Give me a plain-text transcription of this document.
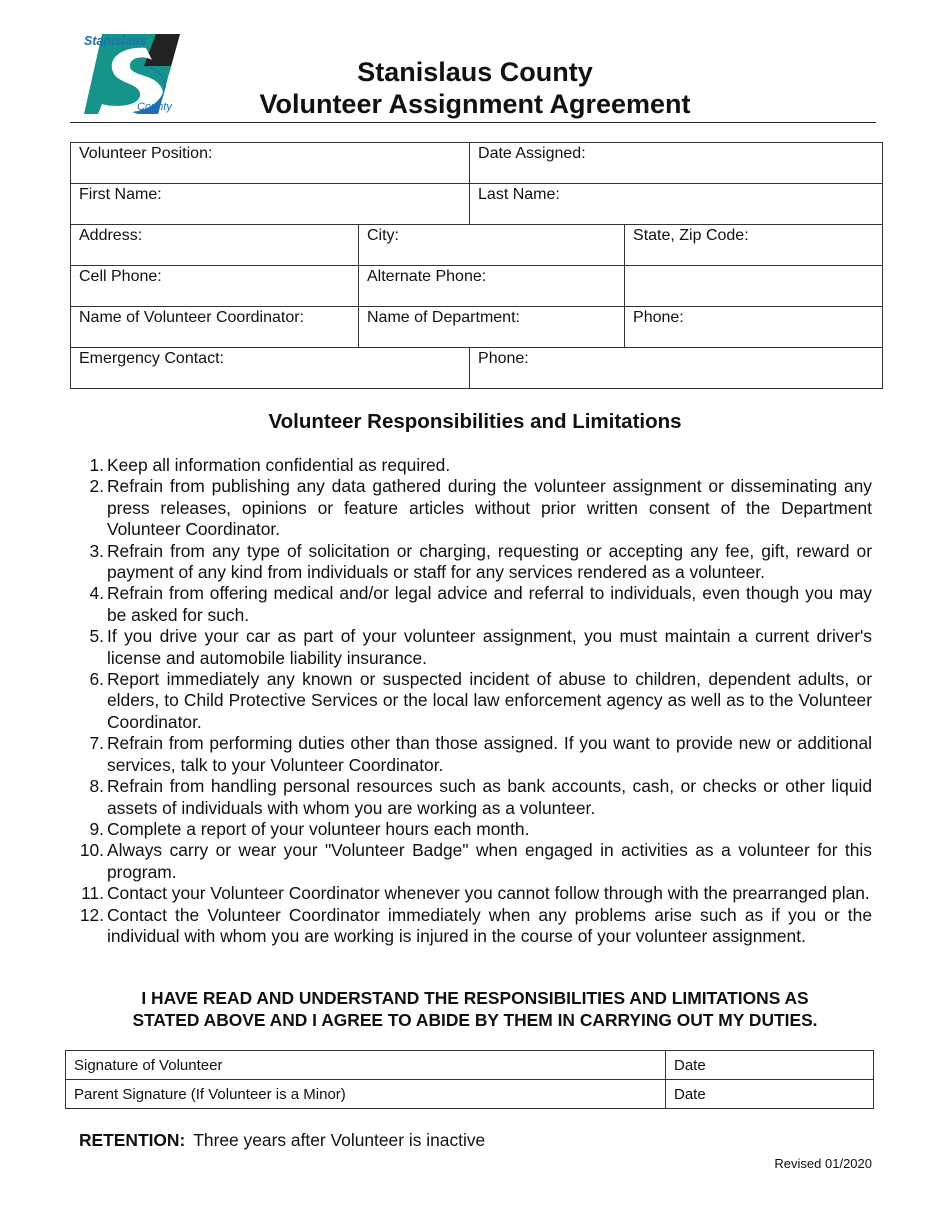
Stanislaus
County
Stanislaus County
Volunteer Assignment Agreement
Volunteer Position:		Date Assigned:	
First Name:		Last Name:	
Address:	City:		State, Zip Code:
Cell Phone:	Alternate Phone:		
Name of Volunteer Coordinator:	Name of Department:		Phone:
Emergency Contact:		Phone:	
Volunteer Responsibilities and Limitations
1. Keep all information confidential as required.
2. Refrain from publishing any data gathered during the volunteer assignment or disseminating any press releases, opinions or feature articles without prior written consent of the Department Volunteer Coordinator.
3. Refrain from any type of solicitation or charging, requesting or accepting any fee, gift, reward or payment of any kind from individuals or staff for any services rendered as a volunteer.
4. Refrain from offering medical and/or legal advice and referral to individuals, even though you may be asked for such.
5. If you drive your car as part of your volunteer assignment, you must maintain a current driver's license and automobile liability insurance.
6. Report immediately any known or suspected incident of abuse to children, dependent adults, or elders, to Child Protective Services or the local law enforcement agency as well as to the Volunteer Coordinator.
7. Refrain from performing duties other than those assigned. If you want to provide new or additional services, talk to your Volunteer Coordinator.
8. Refrain from handling personal resources such as bank accounts, cash, or checks or other liquid assets of individuals with whom you are working as a volunteer.
9. Complete a report of your volunteer hours each month.
10. Always carry or wear your "Volunteer Badge" when engaged in activities as a volunteer for this program.
11. Contact your Volunteer Coordinator whenever you cannot follow through with the prearranged plan.
12. Contact the Volunteer Coordinator immediately when any problems arise such as if you or the individual with whom you are working is injured in the course of your volunteer assignment.
I HAVE READ AND UNDERSTAND THE RESPONSIBILITIES AND LIMITATIONS AS
STATED ABOVE AND I AGREE TO ABIDE BY THEM IN CARRYING OUT MY DUTIES.
Signature of Volunteer	Date
Parent Signature (If Volunteer is a Minor)	Date
RETENTION: Three years after Volunteer is inactive
Revised 01/2020
